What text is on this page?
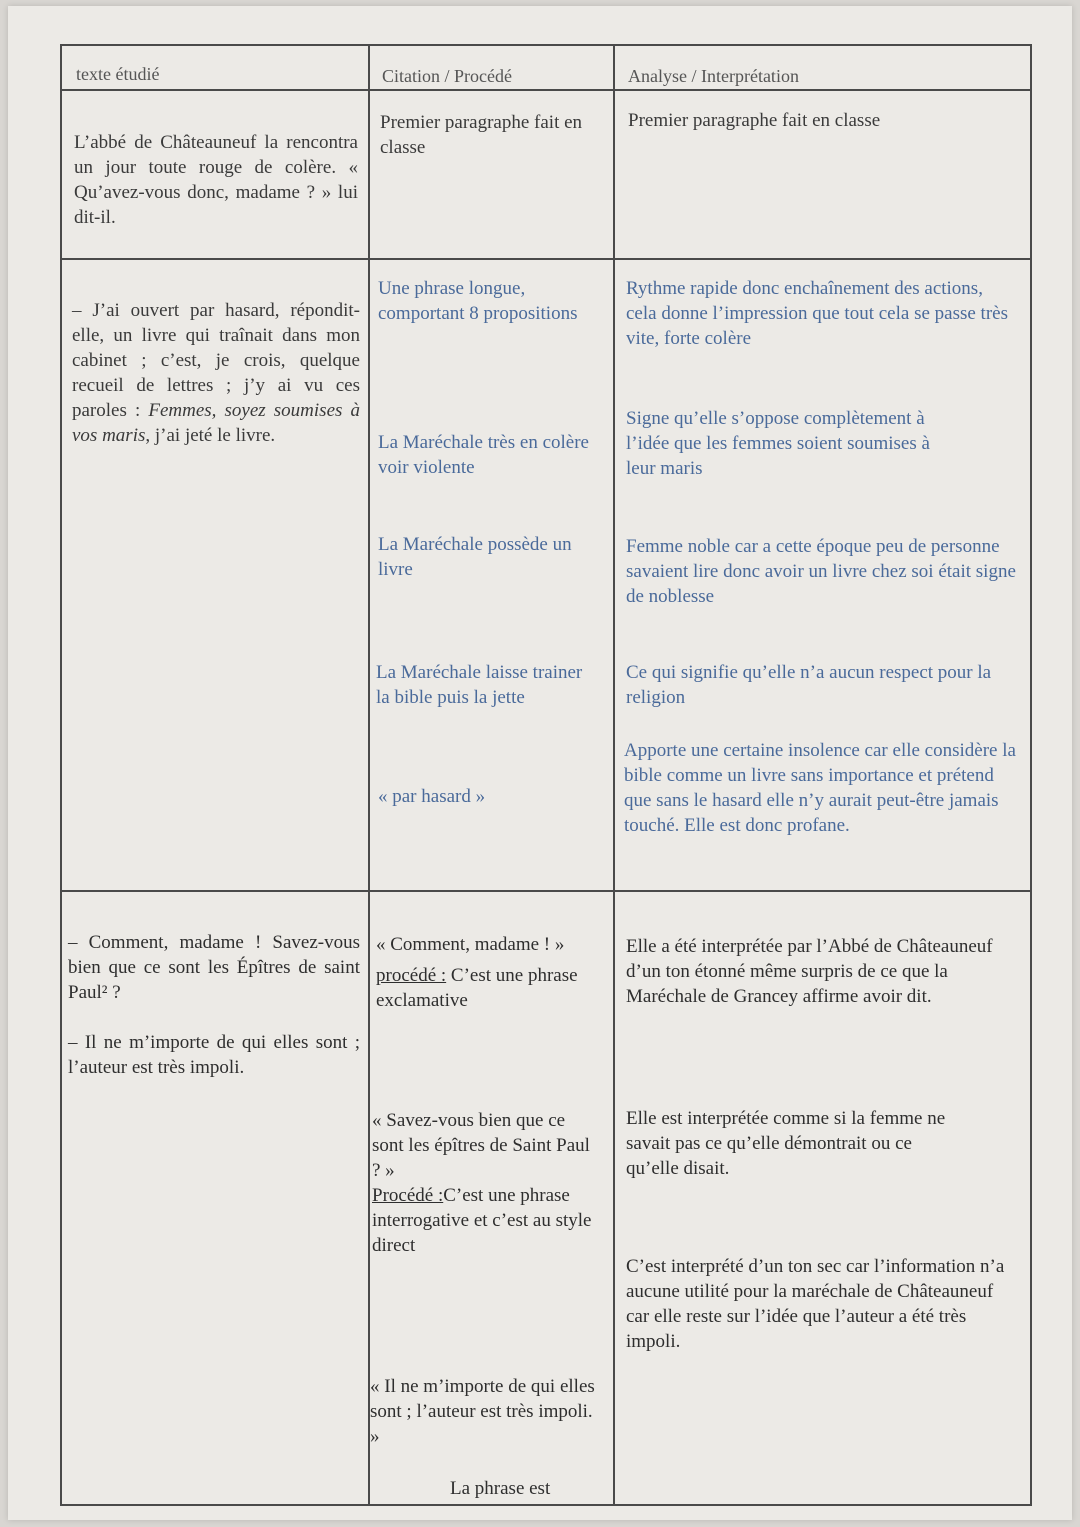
texte étudié	Citation / Procédé	Analyse / Interprétation
L’abbé de Châteauneuf la rencontra un jour toute rouge de colère. « Qu’avez-vous donc, madame ? » lui dit-il.
Premier paragraphe fait en classe
Premier paragraphe fait en classe
– J’ai ouvert par hasard, répondit-elle, un livre qui traînait dans mon cabinet ; c’est, je crois, quelque recueil de lettres ; j’y ai vu ces paroles : Femmes, soyez soumises à vos maris, j’ai jeté le livre.
Une phrase longue, comportant 8 propositions
Rythme rapide donc enchaînement des actions, cela donne l’impression que tout cela se passe très vite, forte colère
La Maréchale très en colère voir violente
Signe qu’elle s’oppose complètement à l’idée que les femmes soient soumises à leur maris
La Maréchale possède un livre
Femme noble car a cette époque peu de personne savaient lire donc avoir un livre chez soi était signe de noblesse
La Maréchale laisse trainer la bible puis la jette
Ce qui signifie qu’elle n’a aucun respect pour la religion
« par hasard »
Apporte une certaine insolence car elle considère la bible comme un livre sans importance et prétend que sans le hasard elle n’y aurait peut-être jamais touché. Elle est donc profane.
– Comment, madame ! Savez-vous bien que ce sont les Épîtres de saint Paul² ?
– Il ne m’importe de qui elles sont ; l’auteur est très impoli.
« Comment, madame ! »
procédé : C’est une phrase exclamative
Elle a été interprétée par l’Abbé de Châteauneuf d’un ton étonné même surpris de ce que la Maréchale de Grancey affirme avoir dit.
« Savez-vous bien que ce sont les épîtres de Saint Paul ? »
Procédé :C’est une phrase interrogative et c’est au style direct
Elle est interprétée comme si la femme ne savait pas ce qu’elle démontrait ou ce qu’elle disait.
C’est interprété d’un ton sec car l’information n’a aucune utilité pour la maréchale de Châteauneuf car elle reste sur l’idée que l’auteur a été très impoli.
« Il ne m’importe de qui elles sont ; l’auteur est très impoli. »
La phrase est
